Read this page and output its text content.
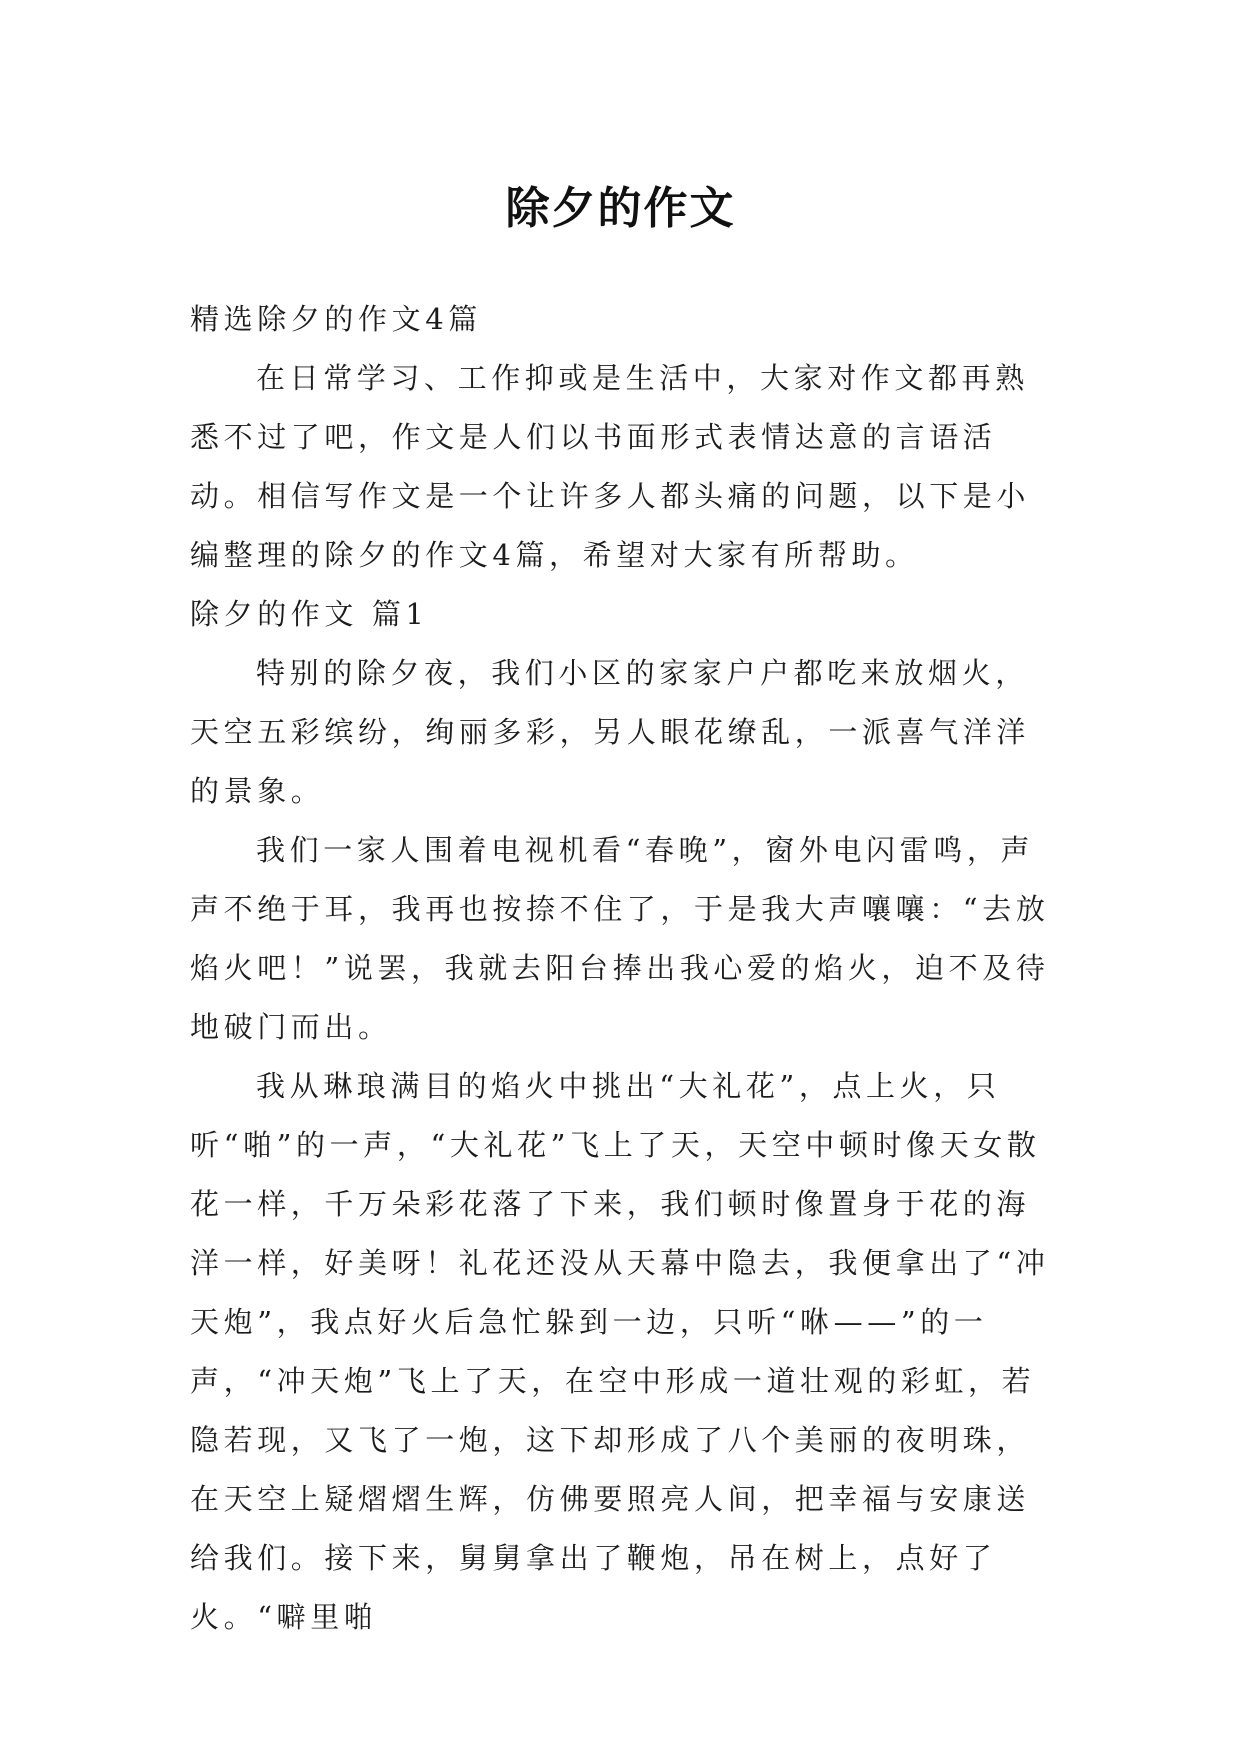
除夕的作文

精选除夕的作文4篇

在日常学习、工作抑或是生活中，大家对作文都再熟悉不过了吧，作文是人们以书面形式表情达意的言语活动。相信写作文是一个让许多人都头痛的问题，以下是小编整理的除夕的作文4篇，希望对大家有所帮助。

除夕的作文 篇1

特别的除夕夜，我们小区的家家户户都吃来放烟火，天空五彩缤纷，绚丽多彩，另人眼花缭乱，一派喜气洋洋的景象。

我们一家人围着电视机看“春晚”，窗外电闪雷鸣，声声不绝于耳，我再也按捺不住了，于是我大声嚷嚷：“去放焰火吧！”说罢，我就去阳台捧出我心爱的焰火，迫不及待地破门而出。

我从琳琅满目的焰火中挑出“大礼花”，点上火，只听“啪”的一声，“大礼花”飞上了天，天空中顿时像天女散花一样，千万朵彩花落了下来，我们顿时像置身于花的海洋一样，好美呀！礼花还没从天幕中隐去，我便拿出了“冲天炮”，我点好火后急忙躲到一边，只听“咻——”的一声，“冲天炮”飞上了天，在空中形成一道壮观的彩虹，若隐若现，又飞了一炮，这下却形成了八个美丽的夜明珠，在天空上疑熠熠生辉，仿佛要照亮人间，把幸福与安康送给我们。接下来，舅舅拿出了鞭炮，吊在树上，点好了火。“噼里啪
